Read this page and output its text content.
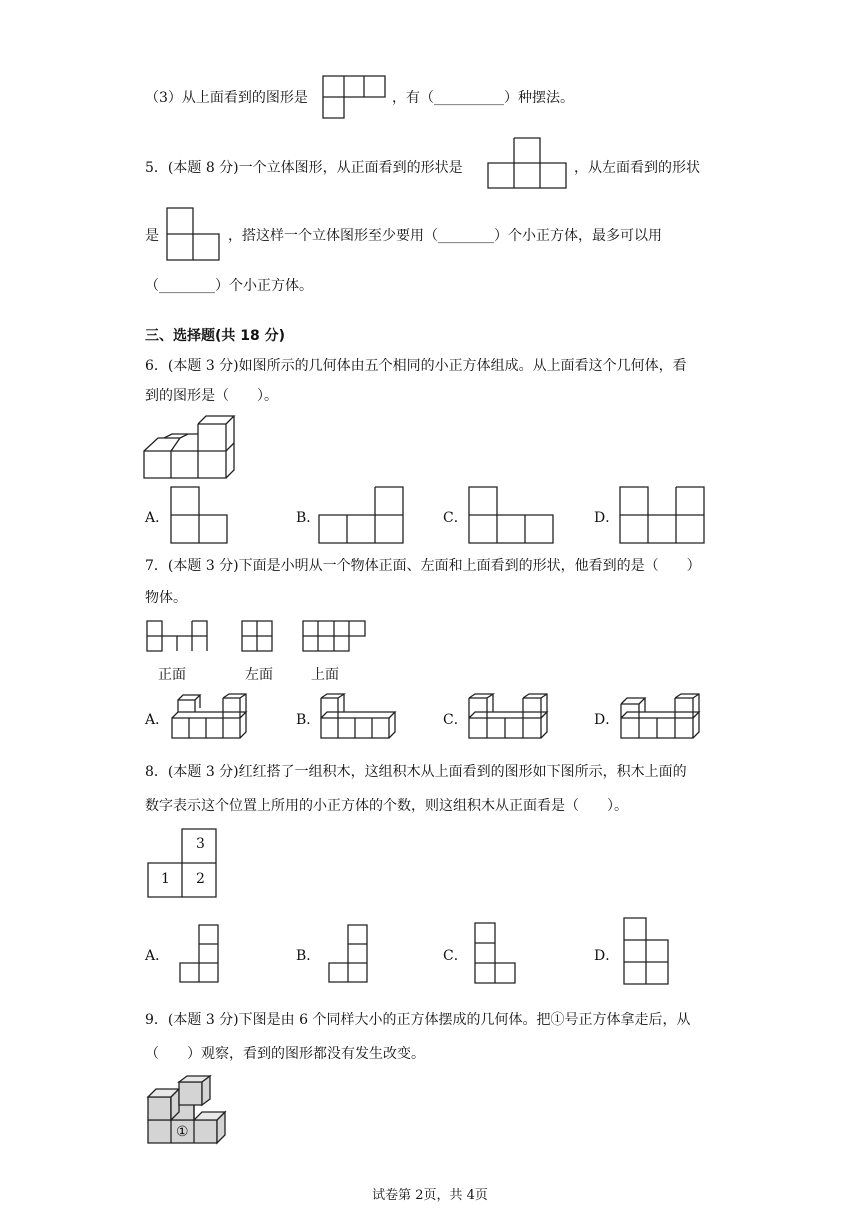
（3）从上面看到的图形是	，有（__________）种摆法。
5．(本题 8 分)一个立体图形，从正面看到的形状是	，从左面看到的形状
是	，搭这样一个立体图形至少要用（________）个小正方体，最多可以用
（________）个小正方体。
三、选择题(共 18 分)
6．(本题 3 分)如图所示的几何体由五个相同的小正方体组成。从上面看这个几何体，看
到的图形是（　　）。
A．	B．	C．	D．
7．(本题 3 分)下面是小明从一个物体正面、左面和上面看到的形状，他看到的是（　　）
物体。
正面	左面	上面
A．	B．	C．	D．
8．(本题 3 分)红红搭了一组积木，这组积木从上面看到的图形如下图所示，积木上面的
数字表示这个位置上所用的小正方体的个数，则这组积木从正面看是（　　）。
3
1 2
A．	B．	C．	D．
9．(本题 3 分)下图是由 6 个同样大小的正方体摆成的几何体。把①号正方体拿走后，从
（　　）观察，看到的图形都没有发生改变。
①
试卷第 2页，共 4页
